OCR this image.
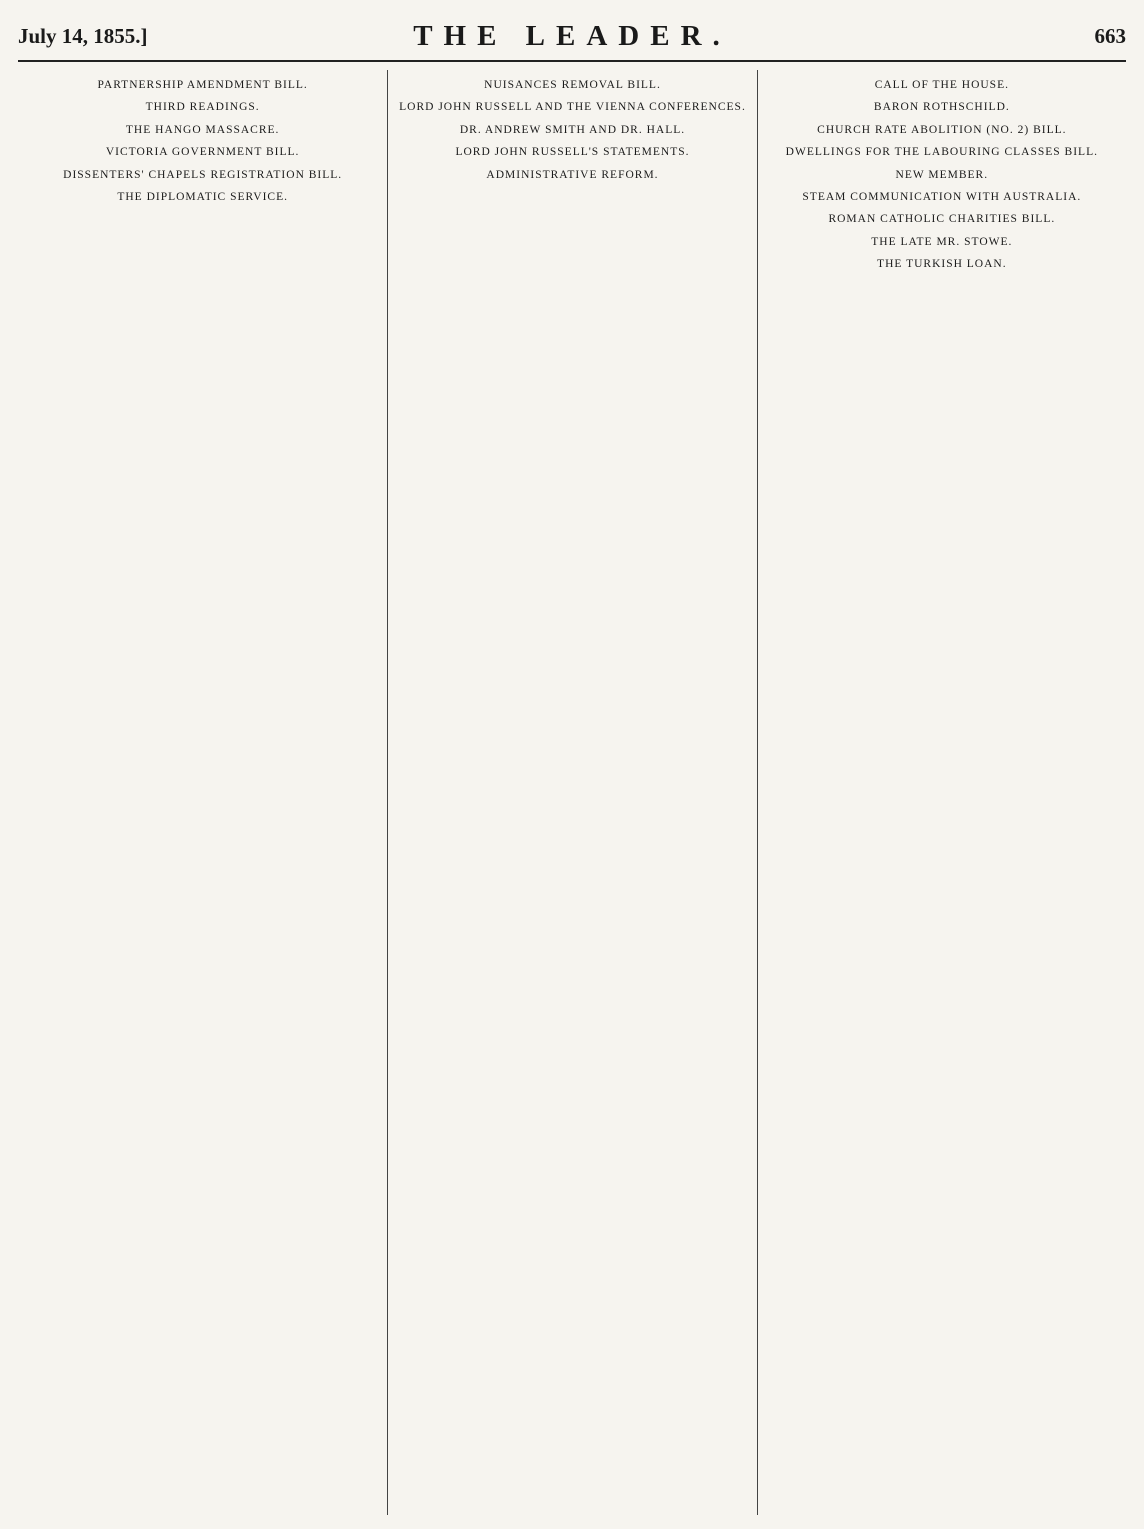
July 14, 1855.]	THE LEADER.	663
PARTNERSHIP AMENDMENT BILL.
THIRD READINGS.
THE HANGO MASSACRE.
VICTORIA GOVERNMENT BILL.
DISSENTERS' CHAPELS REGISTRATION BILL.
THE DIPLOMATIC SERVICE.
NUISANCES REMOVAL BILL.
LORD JOHN RUSSELL AND THE VIENNA CONFERENCES.
DR. ANDREW SMITH AND DR. HALL.
LORD JOHN RUSSELL'S STATEMENTS.
ADMINISTRATIVE REFORM.
CALL OF THE HOUSE.
BARON ROTHSCHILD.
CHURCH RATE ABOLITION (NO. 2) BILL.
DWELLINGS FOR THE LABOURING CLASSES BILL.
NEW MEMBER.
STEAM COMMUNICATION WITH AUSTRALIA.
ROMAN CATHOLIC CHARITIES BILL.
THE LATE MR. STOWE.
THE TURKISH LOAN.
